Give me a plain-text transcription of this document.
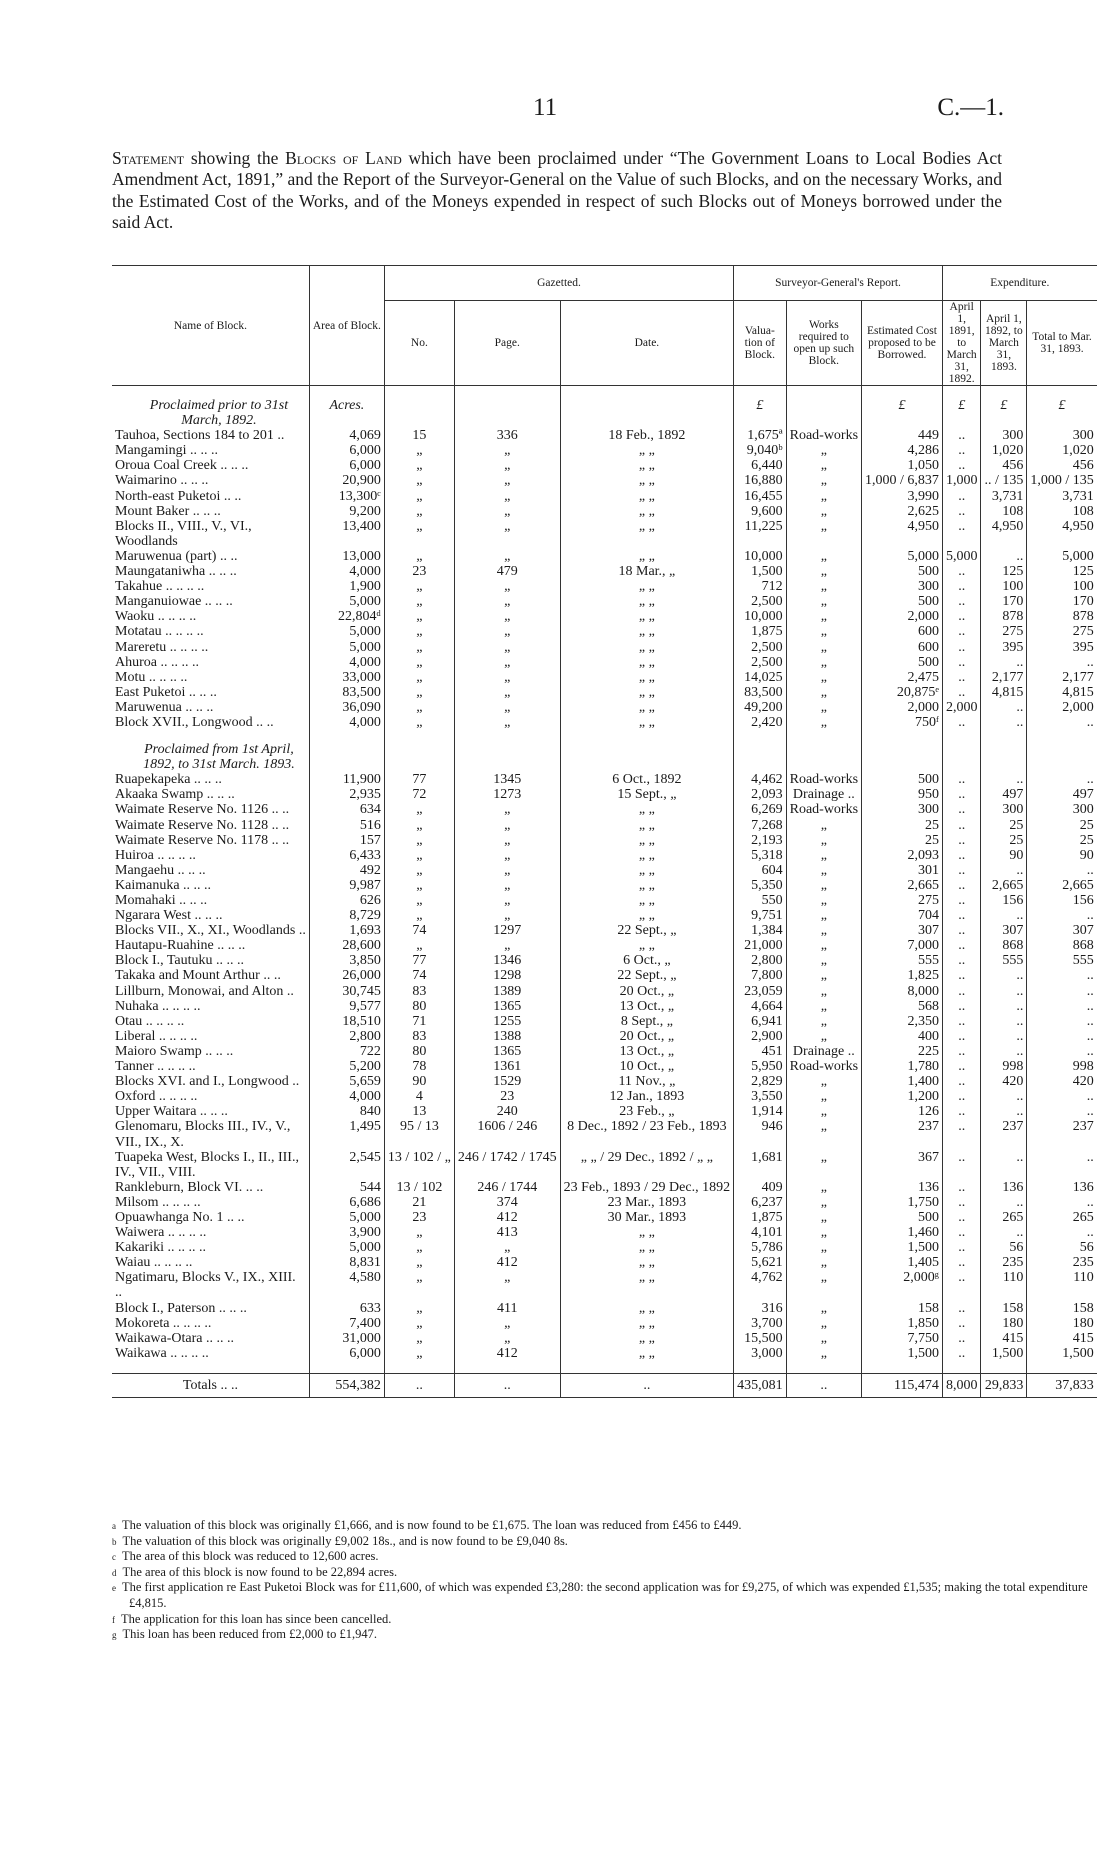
11	C.—1.
Statement showing the Blocks of Land which have been proclaimed under “The Government Loans to Local Bodies Act Amendment Act, 1891,” and the Report of the Surveyor-General on the Value of such Blocks, and on the necessary Works, and the Estimated Cost of the Works, and of the Moneys expended in respect of such Blocks out of Moneys borrowed under the said Act.
Name of Block.	Area of Block.	Gazetted.			Surveyor-General's Report.			Expenditure.		
		No.	Page.	Date.	Valua-tion of Block.	Works required to open up such Block.	Estimated Cost proposed to be Borrowed.	April 1, 1891, to March 31, 1892.	April 1, 1892, to March 31, 1893.	Total to Mar. 31, 1893.

Proclaimed prior to 31st March, 1892.	Acres.				£		£	£	£	£
Tauhoa, Sections 184 to 201 ..	4,069	15	336	18 Feb., 1892	1,675ª	Road-works	449	..	300	300
Mangamingi .. .. ..	6,000	„	„	„ „	9,040ᵇ	„	4,286	..	1,020	1,020
Oroua Coal Creek .. .. ..	6,000	„	„	„ „	6,440	„	1,050	..	456	456
Waimarino .. .. ..	20,900	„	„	„ „	16,880	„	1,000 / 6,837	1,000	.. / 135	1,000 / 135
North-east Puketoi .. ..	13,300ᶜ	„	„	„ „	16,455	„	3,990	..	3,731	3,731
Mount Baker .. .. ..	9,200	„	„	„ „	9,600	„	2,625	..	108	108
Blocks II., VIII., V., VI., Woodlands	13,400	„	„	„ „	11,225	„	4,950	..	4,950	4,950
Maruwenua (part) .. ..	13,000	„	„	„ „	10,000	„	5,000	5,000	..	5,000
Maungataniwha .. .. ..	4,000	23	479	18 Mar., „	1,500	„	500	..	125	125
Takahue .. .. .. ..	1,900	„	„	„ „	712	„	300	..	100	100
Manganuiowae .. .. ..	5,000	„	„	„ „	2,500	„	500	..	170	170
Waoku .. .. .. ..	22,804ᵈ	„	„	„ „	10,000	„	2,000	..	878	878
Motatau .. .. .. ..	5,000	„	„	„ „	1,875	„	600	..	275	275
Mareretu .. .. .. ..	5,000	„	„	„ „	2,500	„	600	..	395	395
Ahuroa .. .. .. ..	4,000	„	„	„ „	2,500	„	500	..	..	..
Motu .. .. .. ..	33,000	„	„	„ „	14,025	„	2,475	..	2,177	2,177
East Puketoi .. .. ..	83,500	„	„	„ „	83,500	„	20,875ᵉ	..	4,815	4,815
Maruwenua .. .. ..	36,090	„	„	„ „	49,200	„	2,000	2,000	..	2,000
Block XVII., Longwood .. ..	4,000	„	„	„ „	2,420	„	750ᶠ	..	..	..

Proclaimed from 1st April, 1892, to 31st March. 1893.										
Ruapekapeka .. .. ..	11,900	77	1345	6 Oct., 1892	4,462	Road-works	500	..	..	..
Akaaka Swamp .. .. ..	2,935	72	1273	15 Sept., „	2,093	Drainage ..	950	..	497	497
Waimate Reserve No. 1126 .. ..	634	„	„	„ „	6,269	Road-works	300	..	300	300
Waimate Reserve No. 1128 .. ..	516	„	„	„ „	7,268	„	25	..	25	25
Waimate Reserve No. 1178 .. ..	157	„	„	„ „	2,193	„	25	..	25	25
Huiroa .. .. .. ..	6,433	„	„	„ „	5,318	„	2,093	..	90	90
Mangaehu .. .. ..	492	„	„	„ „	604	„	301	..	..	..
Kaimanuka .. .. ..	9,987	„	„	„ „	5,350	„	2,665	..	2,665	2,665
Momahaki .. .. ..	626	„	„	„ „	550	„	275	..	156	156
Ngarara West .. .. ..	8,729	„	„	„ „	9,751	„	704	..	..	..
Blocks VII., X., XI., Woodlands ..	1,693	74	1297	22 Sept., „	1,384	„	307	..	307	307
Hautapu-Ruahine .. .. ..	28,600	„	„	„ „	21,000	„	7,000	..	868	868
Block I., Tautuku .. .. ..	3,850	77	1346	6 Oct., „	2,800	„	555	..	555	555
Takaka and Mount Arthur .. ..	26,000	74	1298	22 Sept., „	7,800	„	1,825	..	..	..
Lillburn, Monowai, and Alton ..	30,745	83	1389	20 Oct., „	23,059	„	8,000	..	..	..
Nuhaka .. .. .. ..	9,577	80	1365	13 Oct., „	4,664	„	568	..	..	..
Otau .. .. .. ..	18,510	71	1255	8 Sept., „	6,941	„	2,350	..	..	..
Liberal .. .. .. ..	2,800	83	1388	20 Oct., „	2,900	„	400	..	..	..
Maioro Swamp .. .. ..	722	80	1365	13 Oct., „	451	Drainage ..	225	..	..	..
Tanner .. .. .. ..	5,200	78	1361	10 Oct., „	5,950	Road-works	1,780	..	998	998
Blocks XVI. and I., Longwood ..	5,659	90	1529	11 Nov., „	2,829	„	1,400	..	420	420
Oxford .. .. .. ..	4,000	4	23	12 Jan., 1893	3,550	„	1,200	..	..	..
Upper Waitara .. .. ..	840	13	240	23 Feb., „	1,914	„	126	..	..	..
Glenomaru, Blocks III., IV., V., VII., IX., X.	1,495	95 / 13	1606 / 246	8 Dec., 1892 / 23 Feb., 1893	946	„	237	..	237	237
Tuapeka West, Blocks I., II., III., IV., VII., VIII.	2,545	13 / 102 / „	246 / 1742 / 1745	„ „ / 29 Dec., 1892 / „ „	1,681	„	367	..	..	..
Rankleburn, Block VI. .. ..	544	13 / 102	246 / 1744	23 Feb., 1893 / 29 Dec., 1892	409	„	136	..	136	136
Milsom .. .. .. ..	6,686	21	374	23 Mar., 1893	6,237	„	1,750	..	..	..
Opuawhanga No. 1 .. ..	5,000	23	412	30 Mar., 1893	1,875	„	500	..	265	265
Waiwera .. .. .. ..	3,900	„	413	„ „	4,101	„	1,460	..	..	..
Kakariki .. .. .. ..	5,000	„	„	„ „	5,786	„	1,500	..	56	56
Waiau .. .. .. ..	8,831	„	412	„ „	5,621	„	1,405	..	235	235
Ngatimaru, Blocks V., IX., XIII. ..	4,580	„	„	„ „	4,762	„	2,000ᵍ	..	110	110
Block I., Paterson .. .. ..	633	„	411	„ „	316	„	158	..	158	158
Mokoreta .. .. .. ..	7,400	„	„	„ „	3,700	„	1,850	..	180	180
Waikawa-Otara .. .. ..	31,000	„	„	„ „	15,500	„	7,750	..	415	415
Waikawa .. .. .. ..	6,000	„	412	„ „	3,000	„	1,500	..	1,500	1,500

Totals .. ..	554,382	..	..	..	435,081	..	115,474	8,000	29,833	37,833
a The valuation of this block was originally £1,666, and is now found to be £1,675. The loan was reduced from £456 to £449.
b The valuation of this block was originally £9,002 18s., and is now found to be £9,040 8s.
c The area of this block was reduced to 12,600 acres.
d The area of this block is now found to be 22,894 acres.
e The first application re East Puketoi Block was for £11,600, of which was expended £3,280: the second application was for £9,275, of which was expended £1,535; making the total expenditure £4,815.
f The application for this loan has since been cancelled.
g This loan has been reduced from £2,000 to £1,947.
